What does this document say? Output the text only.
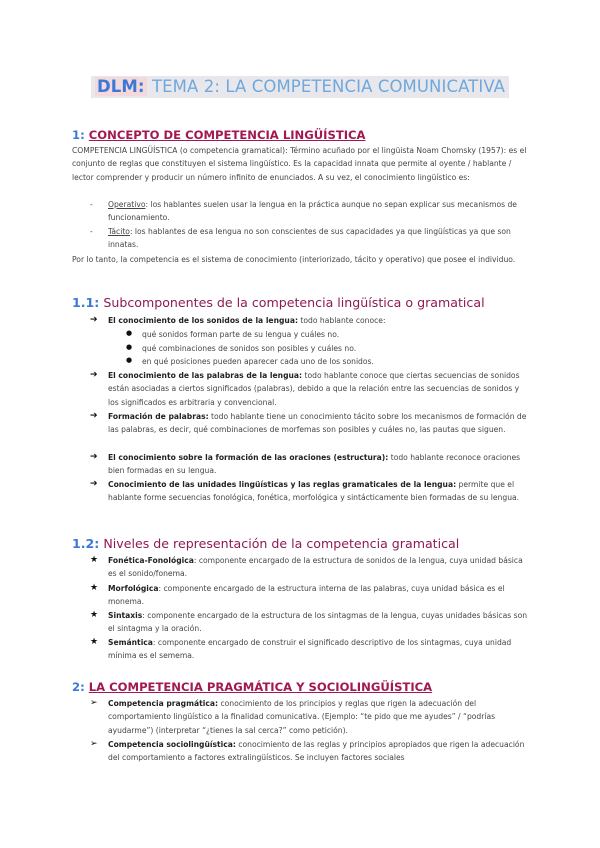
DLM: TEMA 2: LA COMPETENCIA COMUNICATIVA
1: CONCEPTO DE COMPETENCIA LINGÜÍSTICA
COMPETENCIA LINGÜÍSTICA (o competencia gramatical): Término acuñado por el lingüista Noam Chomsky (1957): es el conjunto de reglas que constituyen el sistema lingüístico. Es la capacidad innata que permite al oyente / hablante / lector comprender y producir un número infinito de enunciados. A su vez, el conocimiento lingüístico es:
- Operativo: los hablantes suelen usar la lengua en la práctica aunque no sepan explicar sus mecanismos de funcionamiento.
- Tácito: los hablantes de esa lengua no son conscientes de sus capacidades ya que lingüísticas ya que son innatas.
Por lo tanto, la competencia es el sistema de conocimiento (interiorizado, tácito y operativo) que posee el individuo.
1.1: Subcomponentes de la competencia lingüística o gramatical
➔ El conocimiento de los sonidos de la lengua: todo hablante conoce:
● qué sonidos forman parte de su lengua y cuáles no.
● qué combinaciones de sonidos son posibles y cuáles no.
● en qué posiciones pueden aparecer cada uno de los sonidos.
➔ El conocimiento de las palabras de la lengua: todo hablante conoce que ciertas secuencias de sonidos están asociadas a ciertos significados (palabras), debido a que la relación entre las secuencias de sonidos y los significados es arbitraria y convencional.
➔ Formación de palabras: todo hablante tiene un conocimiento tácito sobre los mecanismos de formación de las palabras, es decir, qué combinaciones de morfemas son posibles y cuáles no, las pautas que siguen.
➔ El conocimiento sobre la formación de las oraciones (estructura): todo hablante reconoce oraciones bien formadas en su lengua.
➔ Conocimiento de las unidades lingüísticas y las reglas gramaticales de la lengua: permite que el hablante forme secuencias fonológica, fonética, morfológica y sintácticamente bien formadas de su lengua.
1.2: Niveles de representación de la competencia gramatical
★ Fonética-Fonológica: componente encargado de la estructura de sonidos de la lengua, cuya unidad básica es el sonido/fonema.
★ Morfológica: componente encargado de la estructura interna de las palabras, cuya unidad básica es el monema.
★ Sintaxis: componente encargado de la estructura de los sintagmas de la lengua, cuyas unidades básicas son el sintagma y la oración.
★ Semántica: componente encargado de construir el significado descriptivo de los sintagmas, cuya unidad mínima es el semema.
2: LA COMPETENCIA PRAGMÁTICA Y SOCIOLINGÜÍSTICA
➢ Competencia pragmática: conocimiento de los principios y reglas que rigen la adecuación del comportamiento lingüístico a la finalidad comunicativa. (Ejemplo: “te pido que me ayudes” / “podrías ayudarme”) (interpretar “¿tienes la sal cerca?” como petición).
➢ Competencia sociolingüística: conocimiento de las reglas y principios apropiados que rigen la adecuación del comportamiento a factores extralingüísticos. Se incluyen factores sociales
